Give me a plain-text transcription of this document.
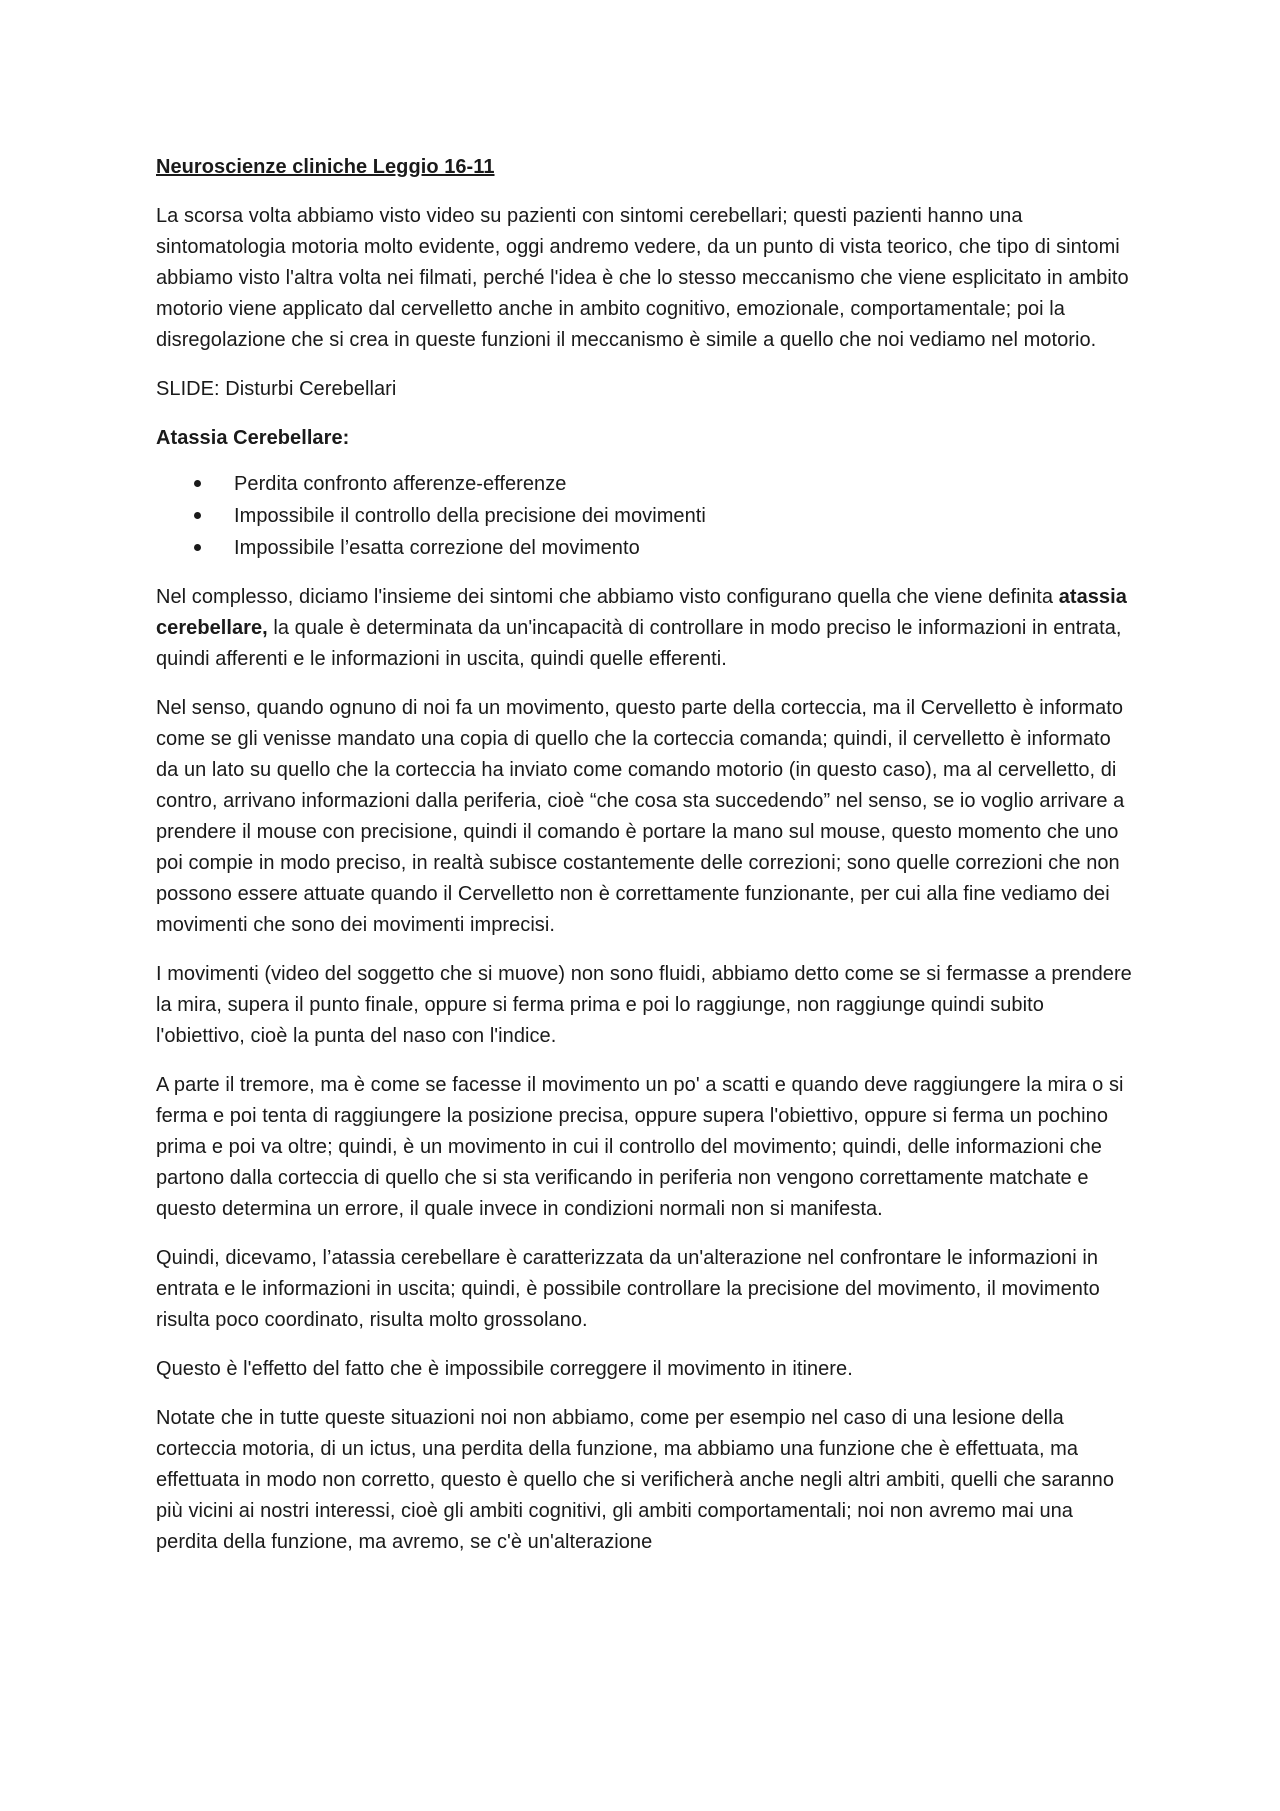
Neuroscienze cliniche Leggio 16-11

La scorsa volta abbiamo visto video su pazienti con sintomi cerebellari; questi pazienti hanno una sintomatologia motoria molto evidente, oggi andremo vedere, da un punto di vista teorico, che tipo di sintomi abbiamo visto l'altra volta nei filmati, perché l'idea è che lo stesso meccanismo che viene esplicitato in ambito motorio viene applicato dal cervelletto anche in ambito cognitivo, emozionale, comportamentale; poi la disregolazione che si crea in queste funzioni il meccanismo è simile a quello che noi vediamo nel motorio.

SLIDE: Disturbi Cerebellari

Atassia Cerebellare:
Perdita confronto afferenze-efferenze
Impossibile il controllo della precisione dei movimenti
Impossibile l’esatta correzione del movimento

Nel complesso, diciamo l'insieme dei sintomi che abbiamo visto configurano quella che viene definita atassia cerebellare, la quale è determinata da un'incapacità di controllare in modo preciso le informazioni in entrata, quindi afferenti e le informazioni in uscita, quindi quelle efferenti.

Nel senso, quando ognuno di noi fa un movimento, questo parte della corteccia, ma il Cervelletto è informato come se gli venisse mandato una copia di quello che la corteccia comanda; quindi, il cervelletto è informato da un lato su quello che la corteccia ha inviato come comando motorio (in questo caso), ma al cervelletto, di contro, arrivano informazioni dalla periferia, cioè “che cosa sta succedendo” nel senso, se io voglio arrivare a prendere il mouse con precisione, quindi il comando è portare la mano sul mouse, questo momento che uno poi compie in modo preciso, in realtà subisce costantemente delle correzioni; sono quelle correzioni che non possono essere attuate quando il Cervelletto non è correttamente funzionante, per cui alla fine vediamo dei movimenti che sono dei movimenti imprecisi.

I movimenti (video del soggetto che si muove) non sono fluidi, abbiamo detto come se si fermasse a prendere la mira, supera il punto finale, oppure si ferma prima e poi lo raggiunge, non raggiunge quindi subito l'obiettivo, cioè la punta del naso con l'indice.

A parte il tremore, ma è come se facesse il movimento un po' a scatti e quando deve raggiungere la mira o si ferma e poi tenta di raggiungere la posizione precisa, oppure supera l'obiettivo, oppure si ferma un pochino prima e poi va oltre; quindi, è un movimento in cui il controllo del movimento; quindi, delle informazioni che partono dalla corteccia di quello che si sta verificando in periferia non vengono correttamente matchate e questo determina un errore, il quale invece in condizioni normali non si manifesta.

Quindi, dicevamo, l’atassia cerebellare è caratterizzata da un'alterazione nel confrontare le informazioni in entrata e le informazioni in uscita; quindi, è possibile controllare la precisione del movimento, il movimento risulta poco coordinato, risulta molto grossolano.

Questo è l'effetto del fatto che è impossibile correggere il movimento in itinere.

Notate che in tutte queste situazioni noi non abbiamo, come per esempio nel caso di una lesione della corteccia motoria, di un ictus, una perdita della funzione, ma abbiamo una funzione che è effettuata, ma effettuata in modo non corretto, questo è quello che si verificherà anche negli altri ambiti, quelli che saranno più vicini ai nostri interessi, cioè gli ambiti cognitivi, gli ambiti comportamentali; noi non avremo mai una perdita della funzione, ma avremo, se c'è un'alterazione
